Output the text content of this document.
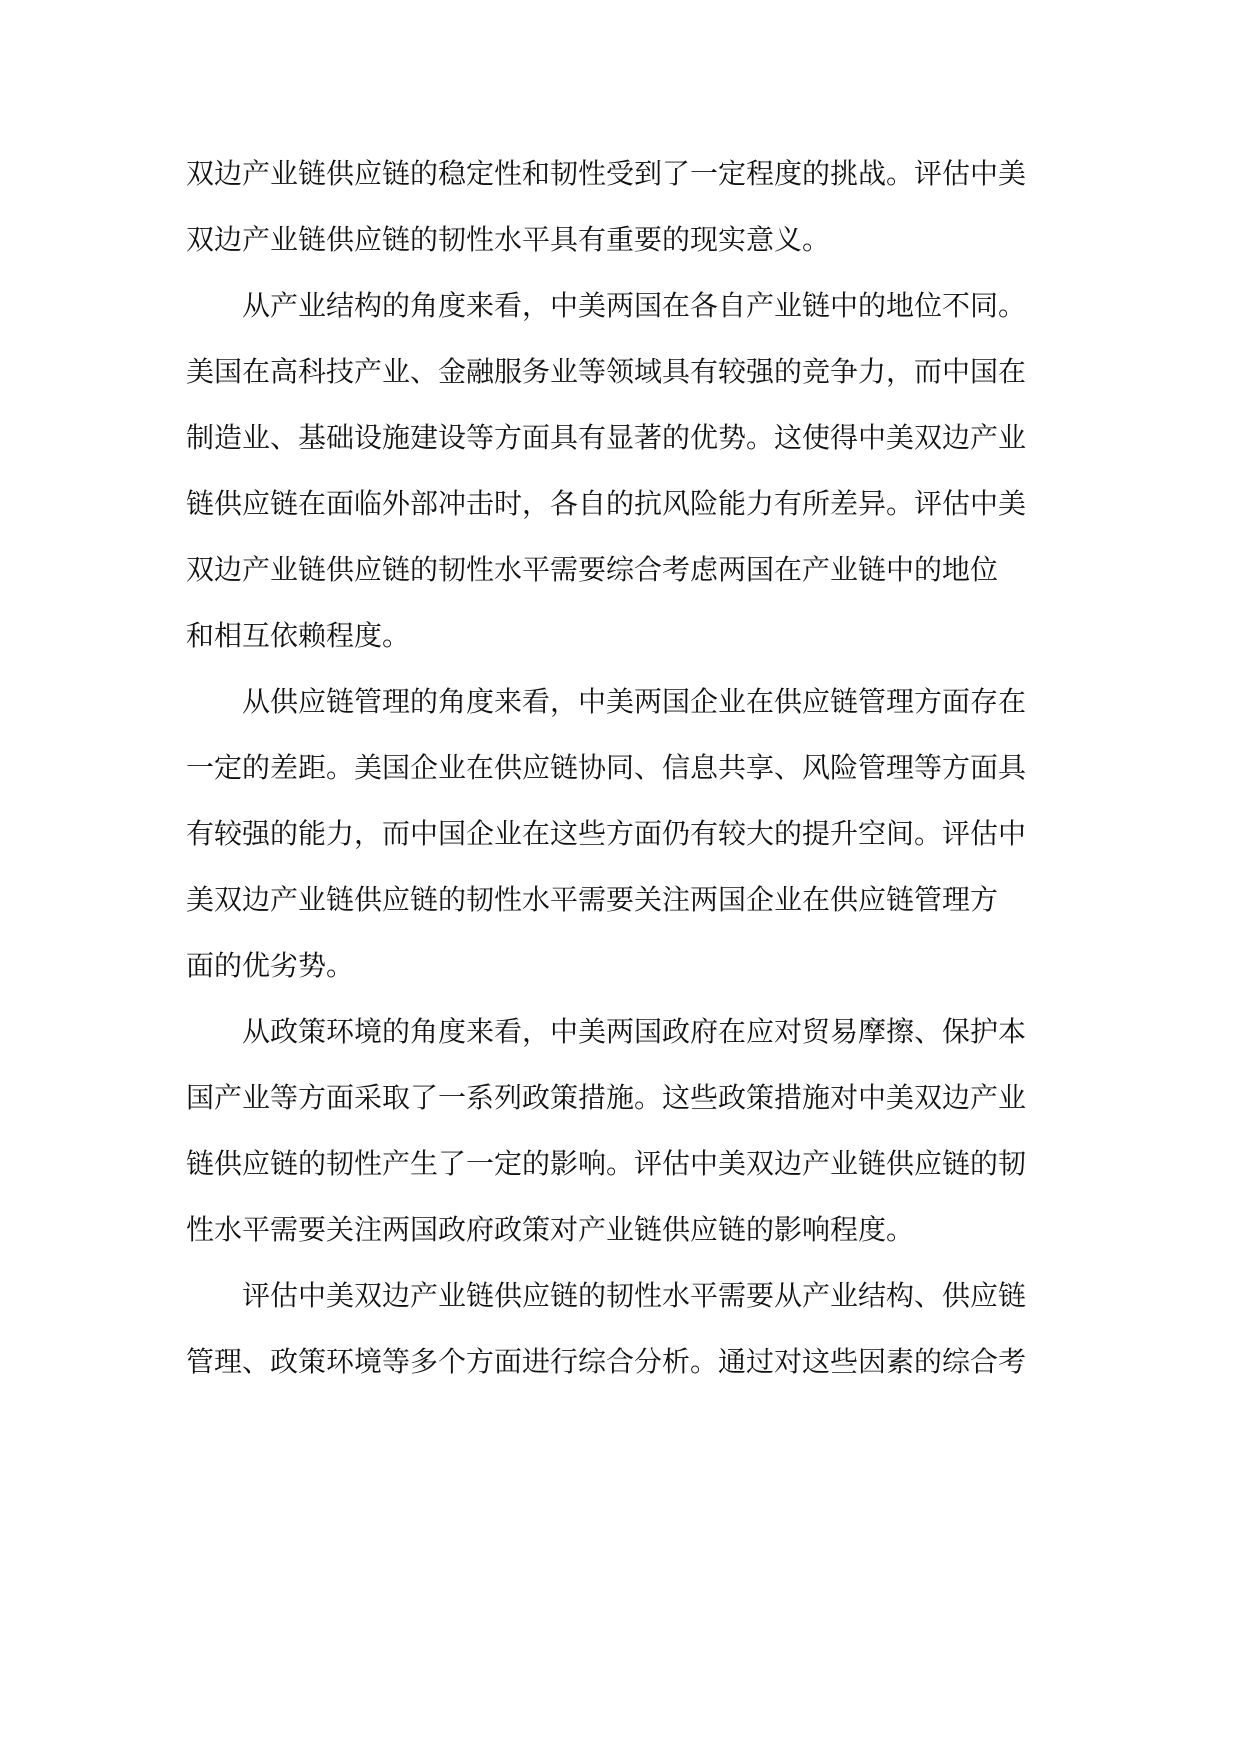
双边产业链供应链的稳定性和韧性受到了一定程度的挑战。评估中美
双边产业链供应链的韧性水平具有重要的现实意义。
从产业结构的角度来看，中美两国在各自产业链中的地位不同。
美国在高科技产业、金融服务业等领域具有较强的竞争力，而中国在
制造业、基础设施建设等方面具有显著的优势。这使得中美双边产业
链供应链在面临外部冲击时，各自的抗风险能力有所差异。评估中美
双边产业链供应链的韧性水平需要综合考虑两国在产业链中的地位
和相互依赖程度。
从供应链管理的角度来看，中美两国企业在供应链管理方面存在
一定的差距。美国企业在供应链协同、信息共享、风险管理等方面具
有较强的能力，而中国企业在这些方面仍有较大的提升空间。评估中
美双边产业链供应链的韧性水平需要关注两国企业在供应链管理方
面的优劣势。
从政策环境的角度来看，中美两国政府在应对贸易摩擦、保护本
国产业等方面采取了一系列政策措施。这些政策措施对中美双边产业
链供应链的韧性产生了一定的影响。评估中美双边产业链供应链的韧
性水平需要关注两国政府政策对产业链供应链的影响程度。
评估中美双边产业链供应链的韧性水平需要从产业结构、供应链
管理、政策环境等多个方面进行综合分析。通过对这些因素的综合考
